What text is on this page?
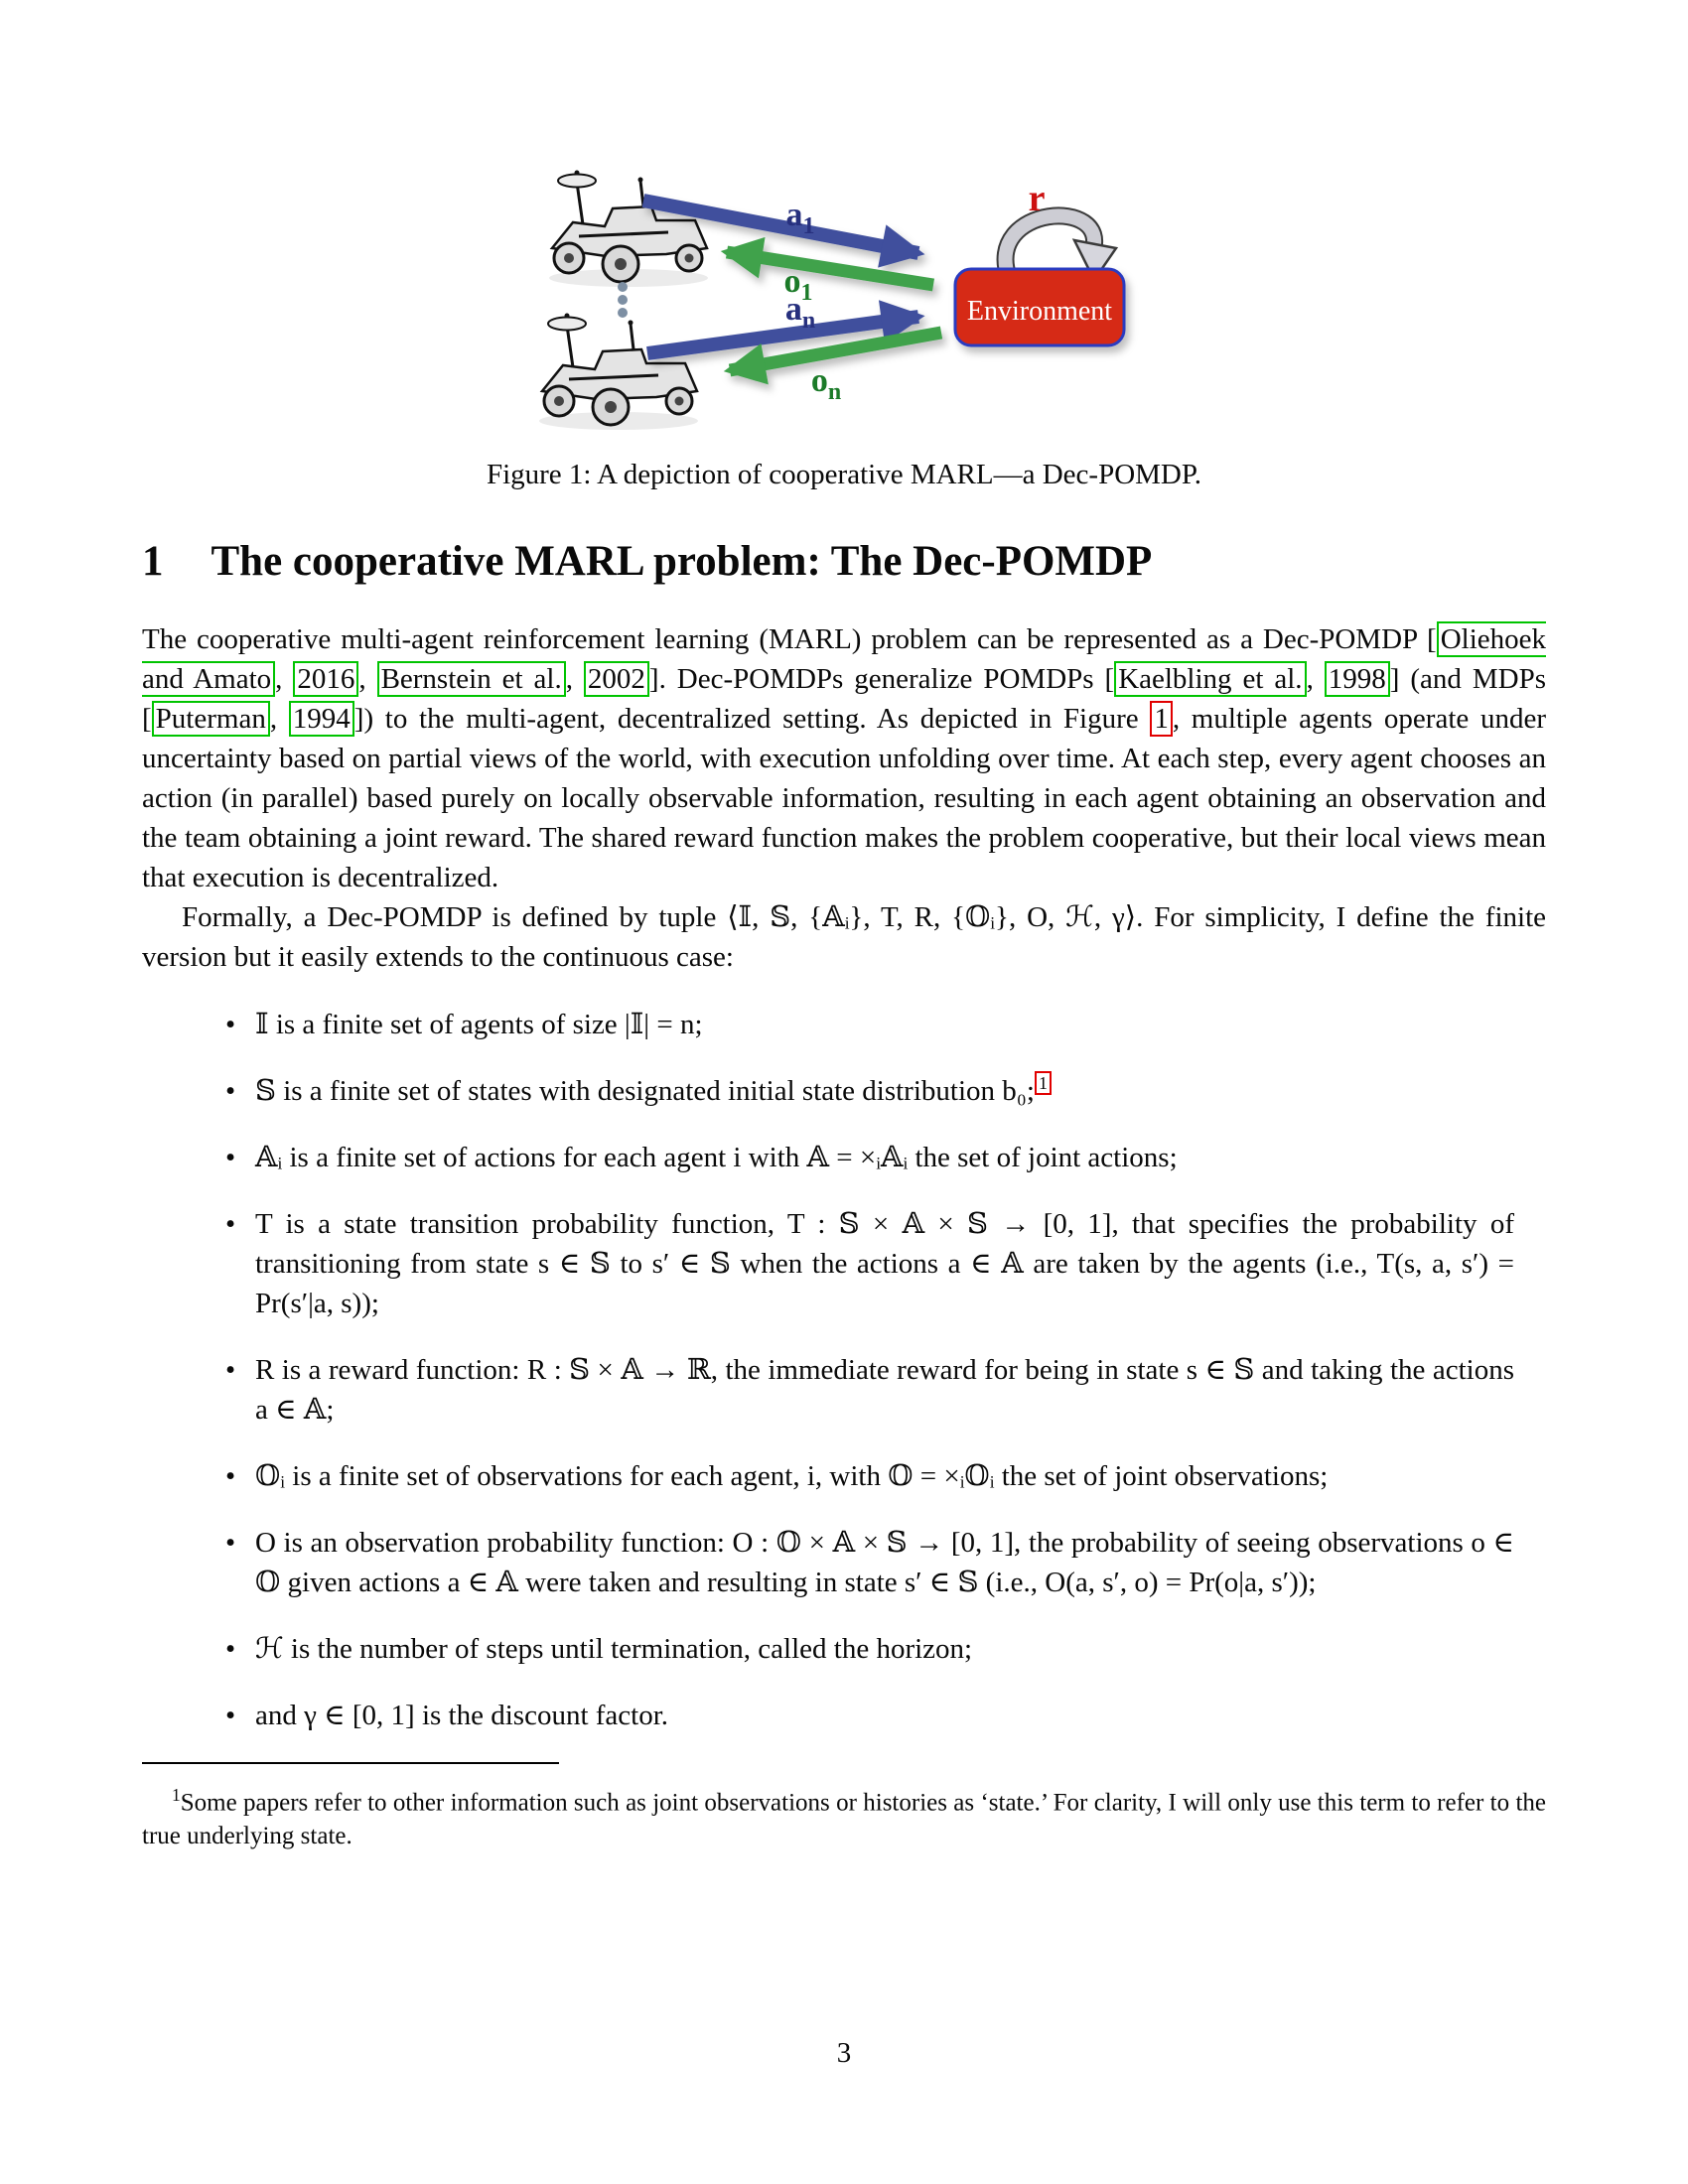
$a_1$
$o_1$
$a_n$
$o_n$
r
Environment

Figure 1: A depiction of cooperative MARL—a Dec-POMDP.

1 The cooperative MARL problem: The Dec-POMDP

The cooperative multi-agent reinforcement learning (MARL) problem can be represented as a Dec-POMDP [ Oliehoek and Amato , 2016 , Bernstein et al. , 2002 ]. Dec-POMDPs generalize POMDPs [ Kaelbling et al. , 1998 ] (and MDPs [ Puterman , 1994 ]) to the multi-agent, decentralized setting. As depicted in Figure 1 , multiple agents operate under uncertainty based on partial views of the world, with execution unfolding over time. At each step, every agent chooses an action (in parallel) based purely on locally observable information, resulting in each agent obtaining an observation and the team obtaining a joint reward. The shared reward function makes the problem cooperative, but their local views mean that execution is decentralized.

Formally, a Dec-POMDP is defined by tuple ⟨𝕀, 𝕊, {𝔸ᵢ}, T, R, {𝕆ᵢ}, O, ℋ, γ⟩. For simplicity, I define the finite version but it easily extends to the continuous case:

• 𝕀 is a finite set of agents of size |𝕀| = n;
• 𝕊 is a finite set of states with designated initial state distribution b₀; $^1$
• 𝔸ᵢ is a finite set of actions for each agent i with 𝔸 = ×ᵢ𝔸ᵢ the set of joint actions;
• T is a state transition probability function, T : 𝕊 × 𝔸 × 𝕊 → [0, 1], that specifies the probability of transitioning from state s ∈ 𝕊 to s′ ∈ 𝕊 when the actions a ∈ 𝔸 are taken by the agents (i.e., T(s, a, s′) = Pr(s′|a, s));
• R is a reward function: R : 𝕊 × 𝔸 → ℝ, the immediate reward for being in state s ∈ 𝕊 and taking the actions a ∈ 𝔸;
• 𝕆ᵢ is a finite set of observations for each agent, i, with 𝕆 = ×ᵢ𝕆ᵢ the set of joint observations;
• O is an observation probability function: O : 𝕆 × 𝔸 × 𝕊 → [0, 1], the probability of seeing observations o ∈ 𝕆 given actions a ∈ 𝔸 were taken and resulting in state s′ ∈ 𝕊 (i.e., O(a, s′, o) = Pr(o|a, s′));
• ℋ is the number of steps until termination, called the horizon;
• and γ ∈ [0, 1] is the discount factor.

$^1$Some papers refer to other information such as joint observations or histories as ‘state.’ For clarity, I will only use this term to refer to the true underlying state.

3
